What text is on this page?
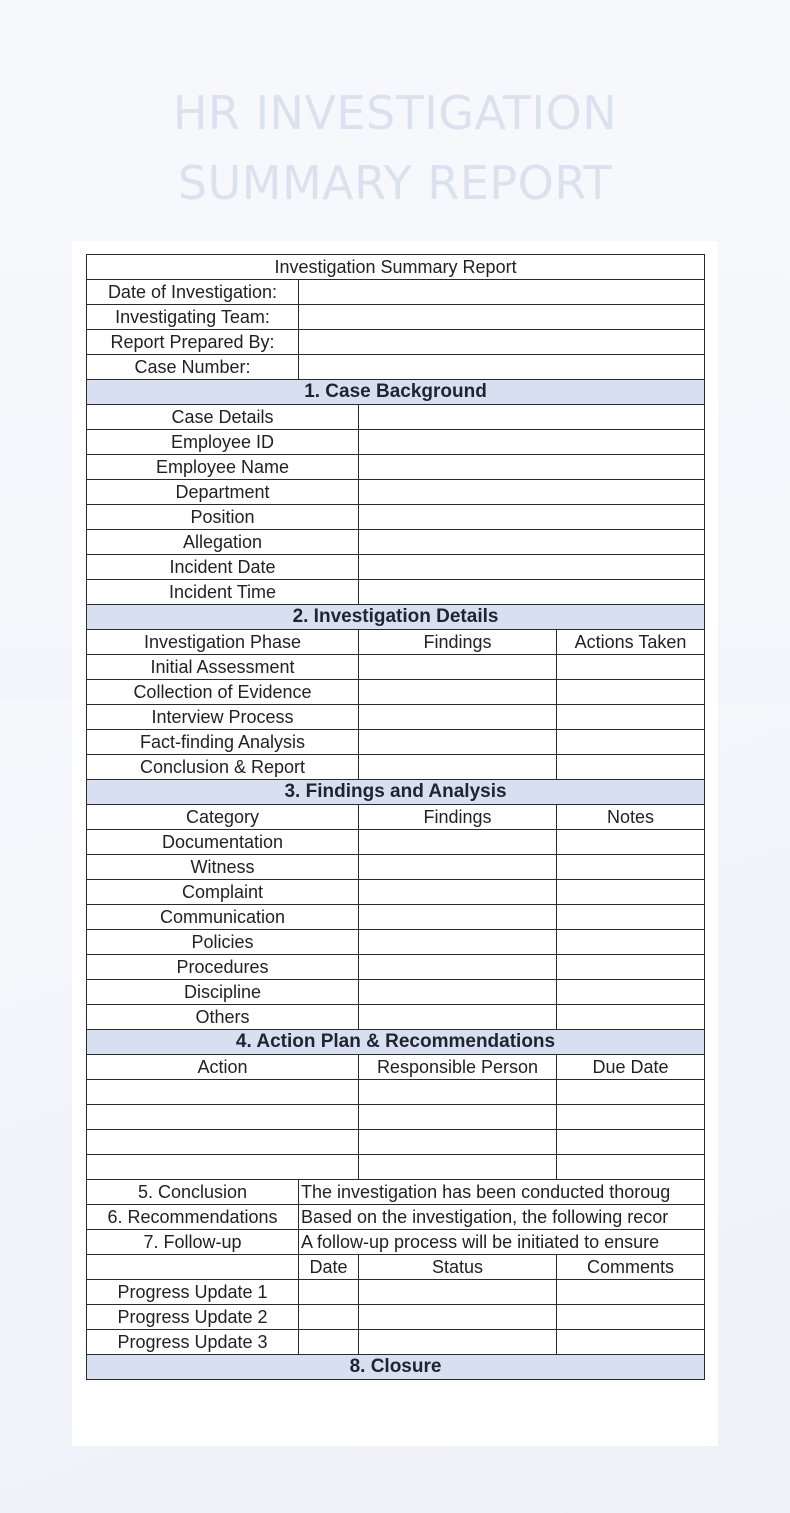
HR INVESTIGATION
SUMMARY REPORT
Investigation Summary Report			
Date of Investigation:			
Investigating Team:			
Report Prepared By:			
Case Number:			
1. Case Background			
Case Details			
Employee ID			
Employee Name			
Department			
Position			
Allegation			
Incident Date			
Incident Time			
2. Investigation Details			
Investigation Phase		Findings	Actions Taken
Initial Assessment			
Collection of Evidence			
Interview Process			
Fact-finding Analysis			
Conclusion & Report			
3. Findings and Analysis			
Category		Findings	Notes
Documentation			
Witness			
Complaint			
Communication			
Policies			
Procedures			
Discipline			
Others			
4. Action Plan & Recommendations			
Action		Responsible Person	Due Date

5. Conclusion	The investigation has been conducted thoroug		
6. Recommendations	Based on the investigation, the following recor		
7. Follow-up	A follow-up process will be initiated to ensure		
	Date	Status	Comments
Progress Update 1			
Progress Update 2			
Progress Update 3			
8. Closure			
